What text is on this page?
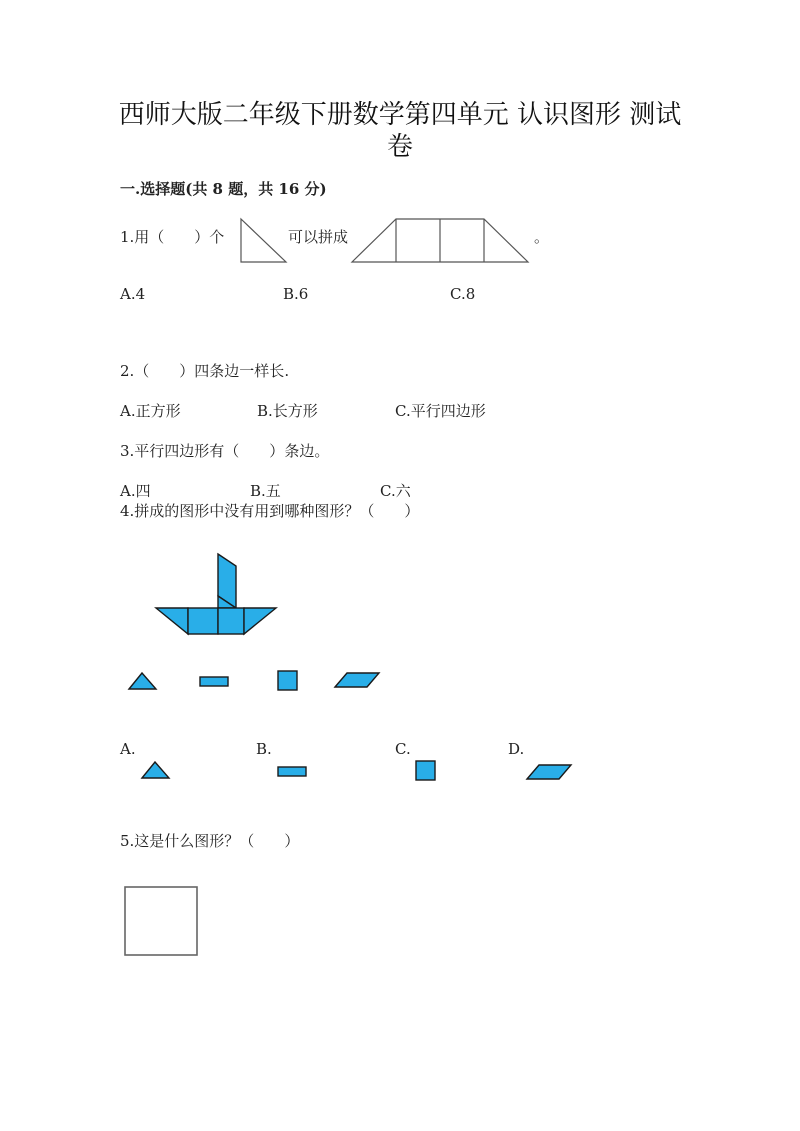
西师大版二年级下册数学第四单元 认识图形 测试
卷
一.选择题(共 8 题，共 16 分)
1.用（　　）个	可以拼成	。
A.4	B.6	C.8
2.（　　）四条边一样长.
A.正方形	B.长方形	C.平行四边形
3.平行四边形有（　　）条边。
A.四	B.五	C.六
4.拼成的图形中没有用到哪种图形？（　　）
A.	B.	C.	D.
5.这是什么图形？（　　）
